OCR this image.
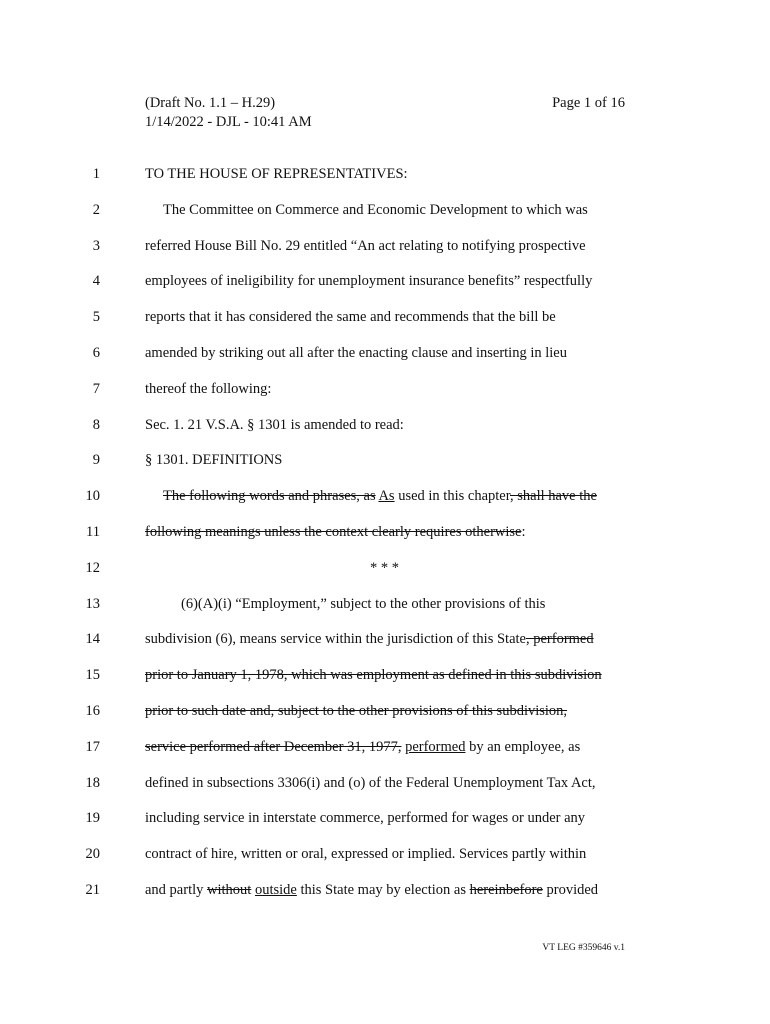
(Draft No. 1.1 – H.29)
1/14/2022 - DJL - 10:41 AM
Page 1 of 16
1	TO THE HOUSE OF REPRESENTATIVES:
2	The Committee on Commerce and Economic Development to which was
3	referred House Bill No. 29 entitled “An act relating to notifying prospective
4	employees of ineligibility for unemployment insurance benefits” respectfully
5	reports that it has considered the same and recommends that the bill be
6	amended by striking out all after the enacting clause and inserting in lieu
7	thereof the following:
8	Sec. 1. 21 V.S.A. § 1301 is amended to read:
9	§ 1301. DEFINITIONS
10	The following words and phrases, as As used in this chapter, shall have the
11	following meanings unless the context clearly requires otherwise:
12	* * *
13	(6)(A)(i) “Employment,” subject to the other provisions of this
14	subdivision (6), means service within the jurisdiction of this State, performed
15	prior to January 1, 1978, which was employment as defined in this subdivision
16	prior to such date and, subject to the other provisions of this subdivision,
17	service performed after December 31, 1977, performed by an employee, as
18	defined in subsections 3306(i) and (o) of the Federal Unemployment Tax Act,
19	including service in interstate commerce, performed for wages or under any
20	contract of hire, written or oral, expressed or implied. Services partly within
21	and partly without outside this State may by election as hereinbefore provided
VT LEG #359646 v.1
